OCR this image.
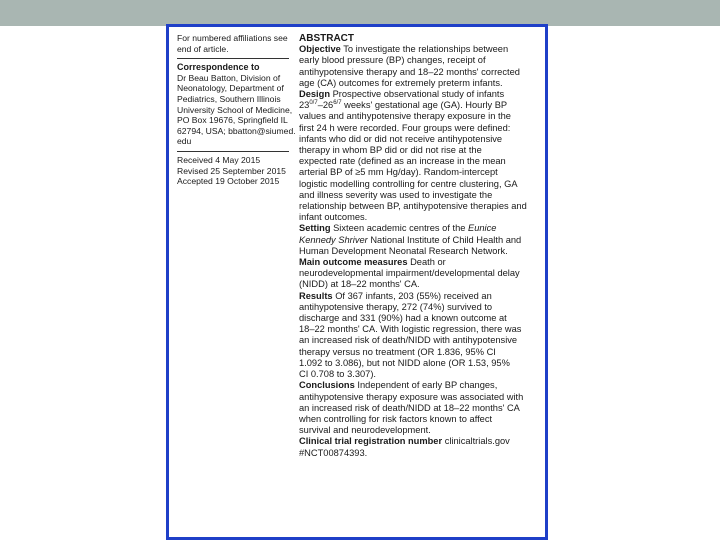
For numbered affiliations see
end of article.
Correspondence to
Dr Beau Batton, Division of
Neonatology, Department of
Pediatrics, Southern Illinois
University School of Medicine,
PO Box 19676, Springfield IL
62794, USA; bbatton@siumed.
edu
Received 4 May 2015
Revised 25 September 2015
Accepted 19 October 2015
ABSTRACT
Objective To investigate the relationships between
early blood pressure (BP) changes, receipt of
antihypotensive therapy and 18–22 months' corrected
age (CA) outcomes for extremely preterm infants.
Design Prospective observational study of infants
$23^{0/7}-26^{6/7}$ weeks' gestational age (GA). Hourly BP
values and antihypotensive therapy exposure in the
first 24 h were recorded. Four groups were defined:
infants who did or did not receive antihypotensive
therapy in whom BP did or did not rise at the
expected rate (defined as an increase in the mean
arterial BP of ≥5 mm Hg/day). Random-intercept
logistic modelling controlling for centre clustering, GA
and illness severity was used to investigate the
relationship between BP, antihypotensive therapies and
infant outcomes.
Setting Sixteen academic centres of the Eunice
Kennedy Shriver National Institute of Child Health and
Human Development Neonatal Research Network.
Main outcome measures Death or
neurodevelopmental impairment/developmental delay
(NIDD) at 18–22 months' CA.
Results Of 367 infants, 203 (55%) received an
antihypotensive therapy, 272 (74%) survived to
discharge and 331 (90%) had a known outcome at
18–22 months' CA. With logistic regression, there was
an increased risk of death/NIDD with antihypotensive
therapy versus no treatment (OR 1.836, 95% CI
1.092 to 3.086), but not NIDD alone (OR 1.53, 95%
CI 0.708 to 3.307).
Conclusions Independent of early BP changes,
antihypotensive therapy exposure was associated with
an increased risk of death/NIDD at 18–22 months' CA
when controlling for risk factors known to affect
survival and neurodevelopment.
Clinical trial registration number clinicaltrials.gov
#NCT00874393.
